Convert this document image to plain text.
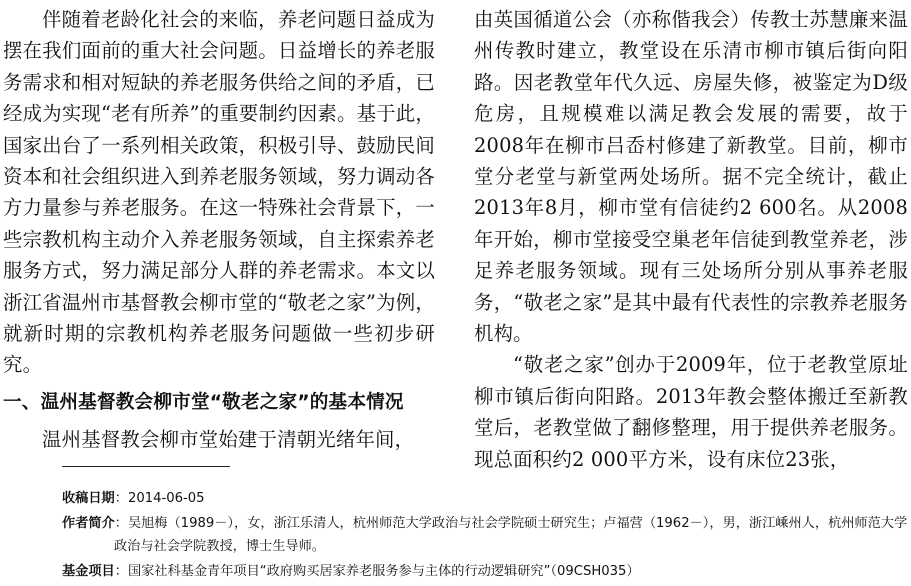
伴随着老龄化社会的来临，养老问题日益成为摆在我们面前的重大社会问题。日益增长的养老服务需求和相对短缺的养老服务供给之间的矛盾，已经成为实现“老有所养”的重要制约因素。基于此，国家出台了一系列相关政策，积极引导、鼓励民间资本和社会组织进入到养老服务领域，努力调动各方力量参与养老服务。在这一特殊社会背景下，一些宗教机构主动介入养老服务领域，自主探索养老服务方式，努力满足部分人群的养老需求。本文以浙江省温州市基督教会柳市堂的“敬老之家”为例，就新时期的宗教机构养老服务问题做一些初步研究。

一、温州基督教会柳市堂“敬老之家”的基本情况

温州基督教会柳市堂始建于清朝光绪年间，

由英国循道公会（亦称偕我会）传教士苏慧廉来温州传教时建立，教堂设在乐清市柳市镇后街向阳路。因老教堂年代久远、房屋失修，被鉴定为D级危房，且规模难以满足教会发展的需要，故于2008年在柳市吕岙村修建了新教堂。目前，柳市堂分老堂与新堂两处场所。据不完全统计，截止2013年8月，柳市堂有信徒约2 600名。从2008年开始，柳市堂接受空巢老年信徒到教堂养老，涉足养老服务领域。现有三处场所分别从事养老服务，“敬老之家”是其中最有代表性的宗教养老服务机构。

“敬老之家”创办于2009年，位于老教堂原址柳市镇后街向阳路。2013年教会整体搬迁至新教堂后，老教堂做了翻修整理，用于提供养老服务。现总面积约2 000平方米，设有床位23张，

收稿日期：2014-06-05

作者简介：吴旭梅（1989－），女，浙江乐清人，杭州师范大学政治与社会学院硕士研究生；卢福营（1962－），男，浙江嵊州人，杭州师范大学政治与社会学院教授，博士生导师。

基金项目：国家社科基金青年项目“政府购买居家养老服务参与主体的行动逻辑研究”（09CSH035）
